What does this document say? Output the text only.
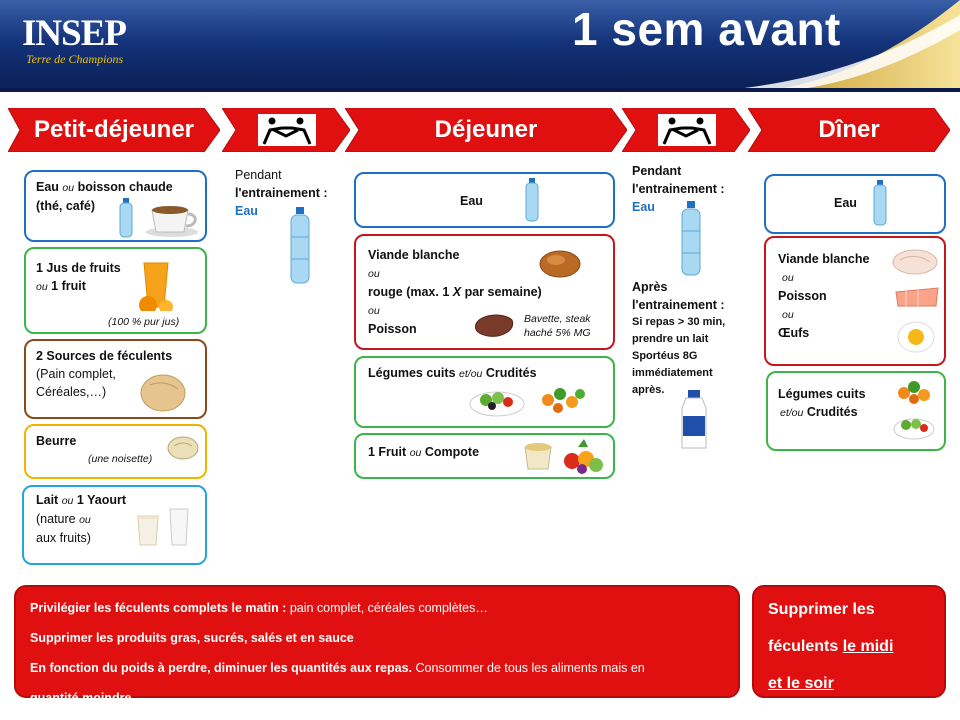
INSEP
Terre de Champions
1 sem avant
Petit-déjeuner	Déjeuner	Dîner
Eau ou boisson chaude
(thé, café)
1 Jus de fruits
ou 1 fruit
(100 % pur jus)
2 Sources de féculents
(Pain complet,
Céréales,…)
Beurre
(une noisette)
Lait ou 1 Yaourt
(nature ou
aux fruits)
Pendant
l'entrainement :
Eau
Eau
Viande blanche
ou
rouge (max. 1 X par semaine)
ou
Poisson
Bavette, steak haché 5% MG
Légumes cuits et/ou Crudités
1 Fruit ou Compote
Pendant
l'entrainement :
Eau
Après
l'entrainement :
Si repas > 30 min,
prendre un lait
Sportéus 8G
immédiatement
après.
Eau
Viande blanche
ou
Poisson
ou
Œufs
Légumes cuits
et/ou Crudités

Privilégier les féculents complets le matin : pain complet, céréales complètes…

Supprimer les produits gras, sucrés, salés et en sauce

En fonction du poids à perdre, diminuer les quantités aux repas. Consommer de tous les aliments mais en

quantité moindre

Supprimer les
féculents le midi
et le soir
